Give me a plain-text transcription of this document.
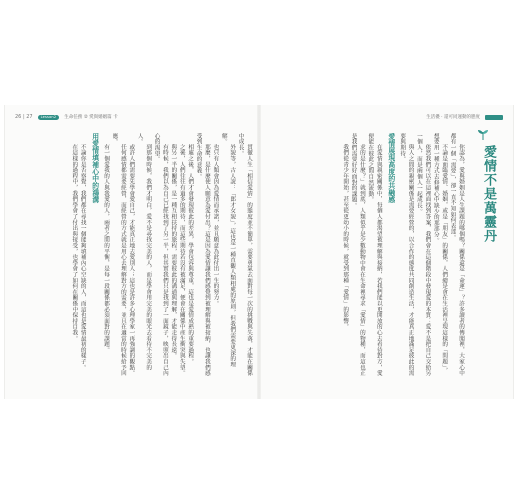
26 | 27	Lesson2	生命任務 ② 愛與婚姻篇 卡

貫徹人生「相信愛情」的態度並不簡單，需要勇氣去面對每一次的挑戰與失落，才能在關係中成長。

外貌等，古人說：「郎才女貌」，這也是一種直觀人類相處的原則，但我們需要更深的理解。

也只有人類會因為愛情而承諾，並且願意為此付出一生的努力。

那麼，是什麼使人願意為愛付出？這是因為愛情讓我們感覺到被理解與被接納，也讓我們感受到生命的意義。

相處之後，人們才會發現彼此的差異，學會包容與尊重，這也是愛情成熟的重要過程。

之後，人們往往有過多的期待，而這些期待若沒有被滿足，便會在關係中產生衝突與失望。

與另一半的關係，是一種互相扶持的旅程，需要彼此的溝通與理解，才能走得長遠。

有時候，我們以為自己已經找到了另一半，但其實我們只是找到了一面鏡子，映照出自己內心的渴望。

到那個時候，我們才明白，愛不是尋找完美的人，而是學會用完美的眼光去看待不完美的人。

或許人們需要先學會愛自己，才能真正地去愛別人；這也是許多心理學家一再強調的觀點。

任何感情都需要經營，而經營的方式就是用心去理解對方的需要，並且在適當的時候給予回應。

有一個愛我的人與我愛的人，兩者之間的平衡，是每一段關係都必須面對的課題。

用愛情填補心中的鴻溝

不論你是否察覺，我們都在尋找一個能夠填補內心空缺的人，而這也是愛情最初的樣子。

在這樣的過程中，我們學會了付出與接受，也學會了如何在關係中保持自我。

生活優 · 還可同運動的態度
愛情不是萬靈丹

你認為，愛與婚姻是人生課題的哪個嗎？關係還是「命運」？許多讀者的傳聞裡，大家心中都有一個「需要」，卻一直不知如何表達。

不論是面臨愛情、婚姻，或是「朋友」的關係，人們總是會在生活裡呈現這樣的「問題」，想要用一種方式去修補心中缺少的那部分。

依然我們可以在這裡面找到答案，我們會在這個階段中發現愛的本質：愛不是把自己交給另一個人，而是兩個人一起成長。

與人之間的親密關係是需要經營的，以合作的態度共同創造生活，才能真正地滿足彼此的需要與期待。

愛情展現高度的共融感

在愛情與親密關係中，每個人都渴望被理解與接納，若我們能以更開放的心去看待對方，愛便能在彼此之間自然流動。

求的是什麼？」就到底，人類似乎是少數動物中會在生命裡尋求「愛情」的物種，而這也正是我們需要好好面對的課題。

我們從青少年開始，甚至從更幼小的時候，就受到那種「愛情」的影響。
